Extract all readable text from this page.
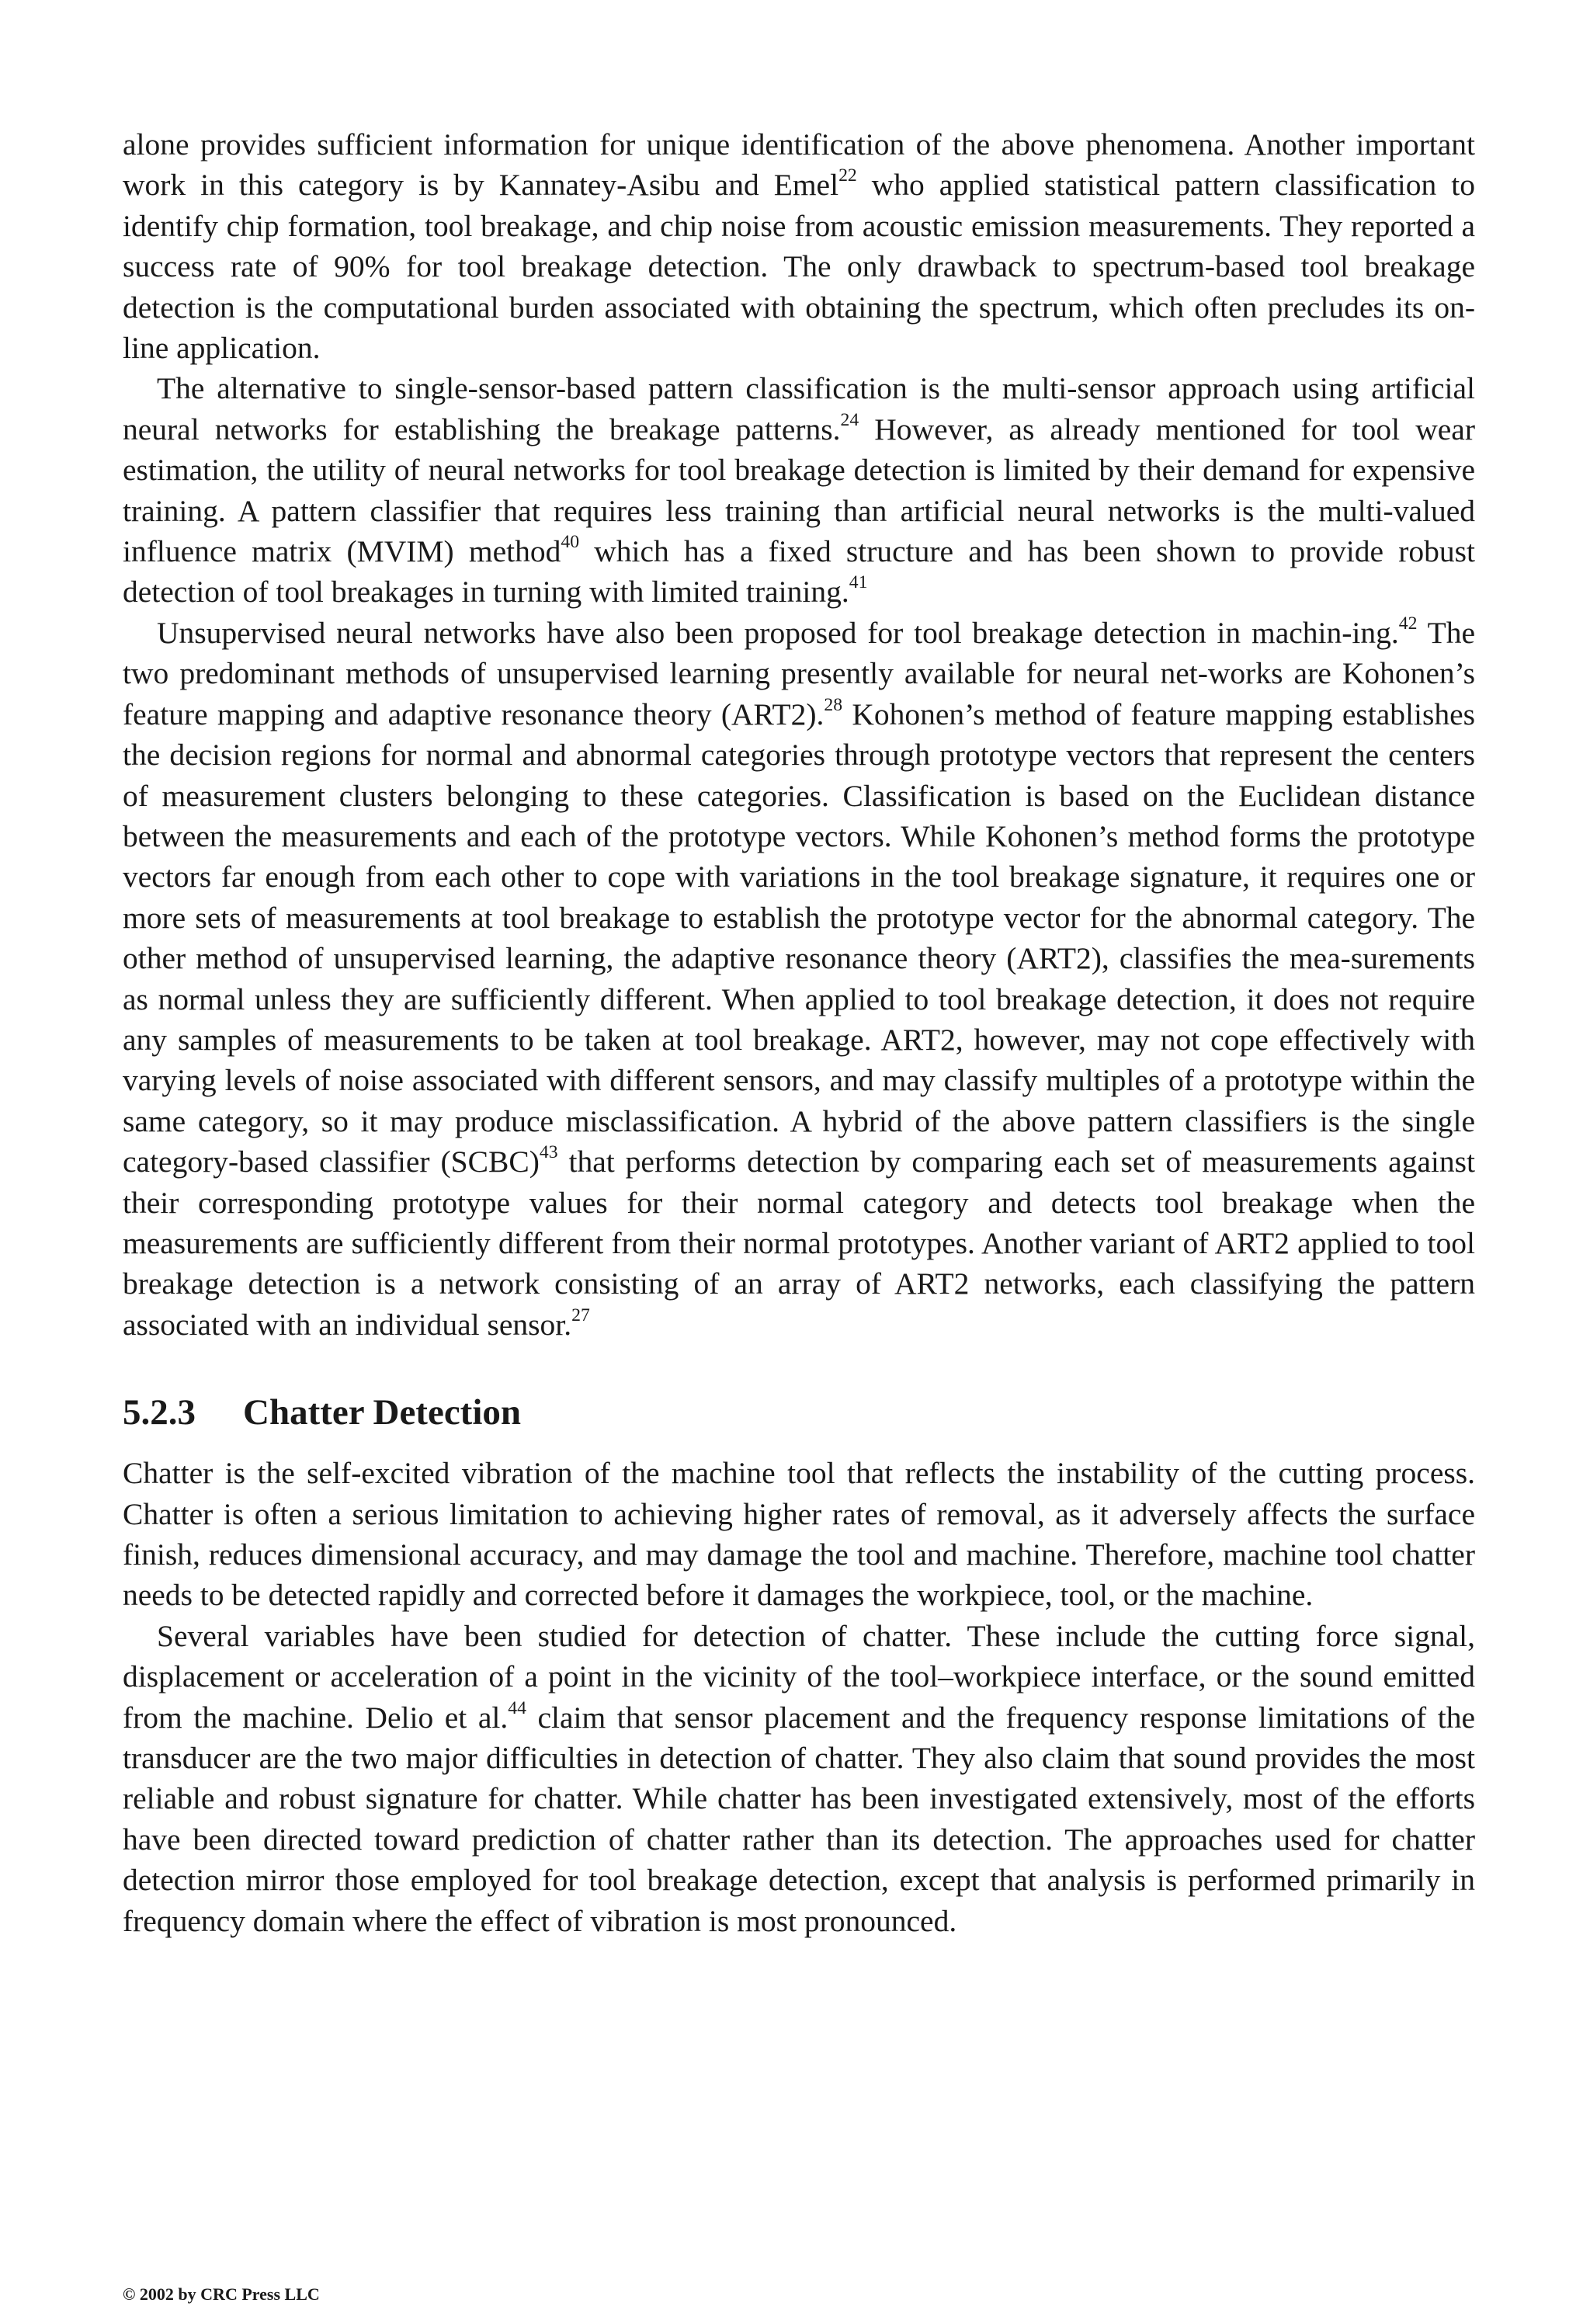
alone provides sufficient information for unique identification of the above phenomena. Another important work in this category is by Kannatey-Asibu and Emel$^{22}$ who applied statistical pattern classification to identify chip formation, tool breakage, and chip noise from acoustic emission measurements. They reported a success rate of 90% for tool breakage detection. The only drawback to spectrum-based tool breakage detection is the computational burden associated with obtaining the spectrum, which often precludes its on-line application.

The alternative to single-sensor-based pattern classification is the multi-sensor approach using artificial neural networks for establishing the breakage patterns.$^{24}$ However, as already mentioned for tool wear estimation, the utility of neural networks for tool breakage detection is limited by their demand for expensive training. A pattern classifier that requires less training than artificial neural networks is the multi-valued influence matrix (MVIM) method$^{40}$ which has a fixed structure and has been shown to provide robust detection of tool breakages in turning with limited training.$^{41}$

Unsupervised neural networks have also been proposed for tool breakage detection in machin-ing.$^{42}$ The two predominant methods of unsupervised learning presently available for neural net-works are Kohonen’s feature mapping and adaptive resonance theory (ART2).$^{28}$ Kohonen’s method of feature mapping establishes the decision regions for normal and abnormal categories through prototype vectors that represent the centers of measurement clusters belonging to these categories. Classification is based on the Euclidean distance between the measurements and each of the prototype vectors. While Kohonen’s method forms the prototype vectors far enough from each other to cope with variations in the tool breakage signature, it requires one or more sets of measurements at tool breakage to establish the prototype vector for the abnormal category. The other method of unsupervised learning, the adaptive resonance theory (ART2), classifies the mea-surements as normal unless they are sufficiently different. When applied to tool breakage detection, it does not require any samples of measurements to be taken at tool breakage. ART2, however, may not cope effectively with varying levels of noise associated with different sensors, and may classify multiples of a prototype within the same category, so it may produce misclassification. A hybrid of the above pattern classifiers is the single category-based classifier (SCBC)$^{43}$ that performs detection by comparing each set of measurements against their corresponding prototype values for their normal category and detects tool breakage when the measurements are sufficiently different from their normal prototypes. Another variant of ART2 applied to tool breakage detection is a network consisting of an array of ART2 networks, each classifying the pattern associated with an individual sensor.$^{27}$

5.2.3 Chatter Detection

Chatter is the self-excited vibration of the machine tool that reflects the instability of the cutting process. Chatter is often a serious limitation to achieving higher rates of removal, as it adversely affects the surface finish, reduces dimensional accuracy, and may damage the tool and machine. Therefore, machine tool chatter needs to be detected rapidly and corrected before it damages the workpiece, tool, or the machine.

Several variables have been studied for detection of chatter. These include the cutting force signal, displacement or acceleration of a point in the vicinity of the tool–workpiece interface, or the sound emitted from the machine. Delio et al.$^{44}$ claim that sensor placement and the frequency response limitations of the transducer are the two major difficulties in detection of chatter. They also claim that sound provides the most reliable and robust signature for chatter. While chatter has been investigated extensively, most of the efforts have been directed toward prediction of chatter rather than its detection. The approaches used for chatter detection mirror those employed for tool breakage detection, except that analysis is performed primarily in frequency domain where the effect of vibration is most pronounced.

© 2002 by CRC Press LLC
